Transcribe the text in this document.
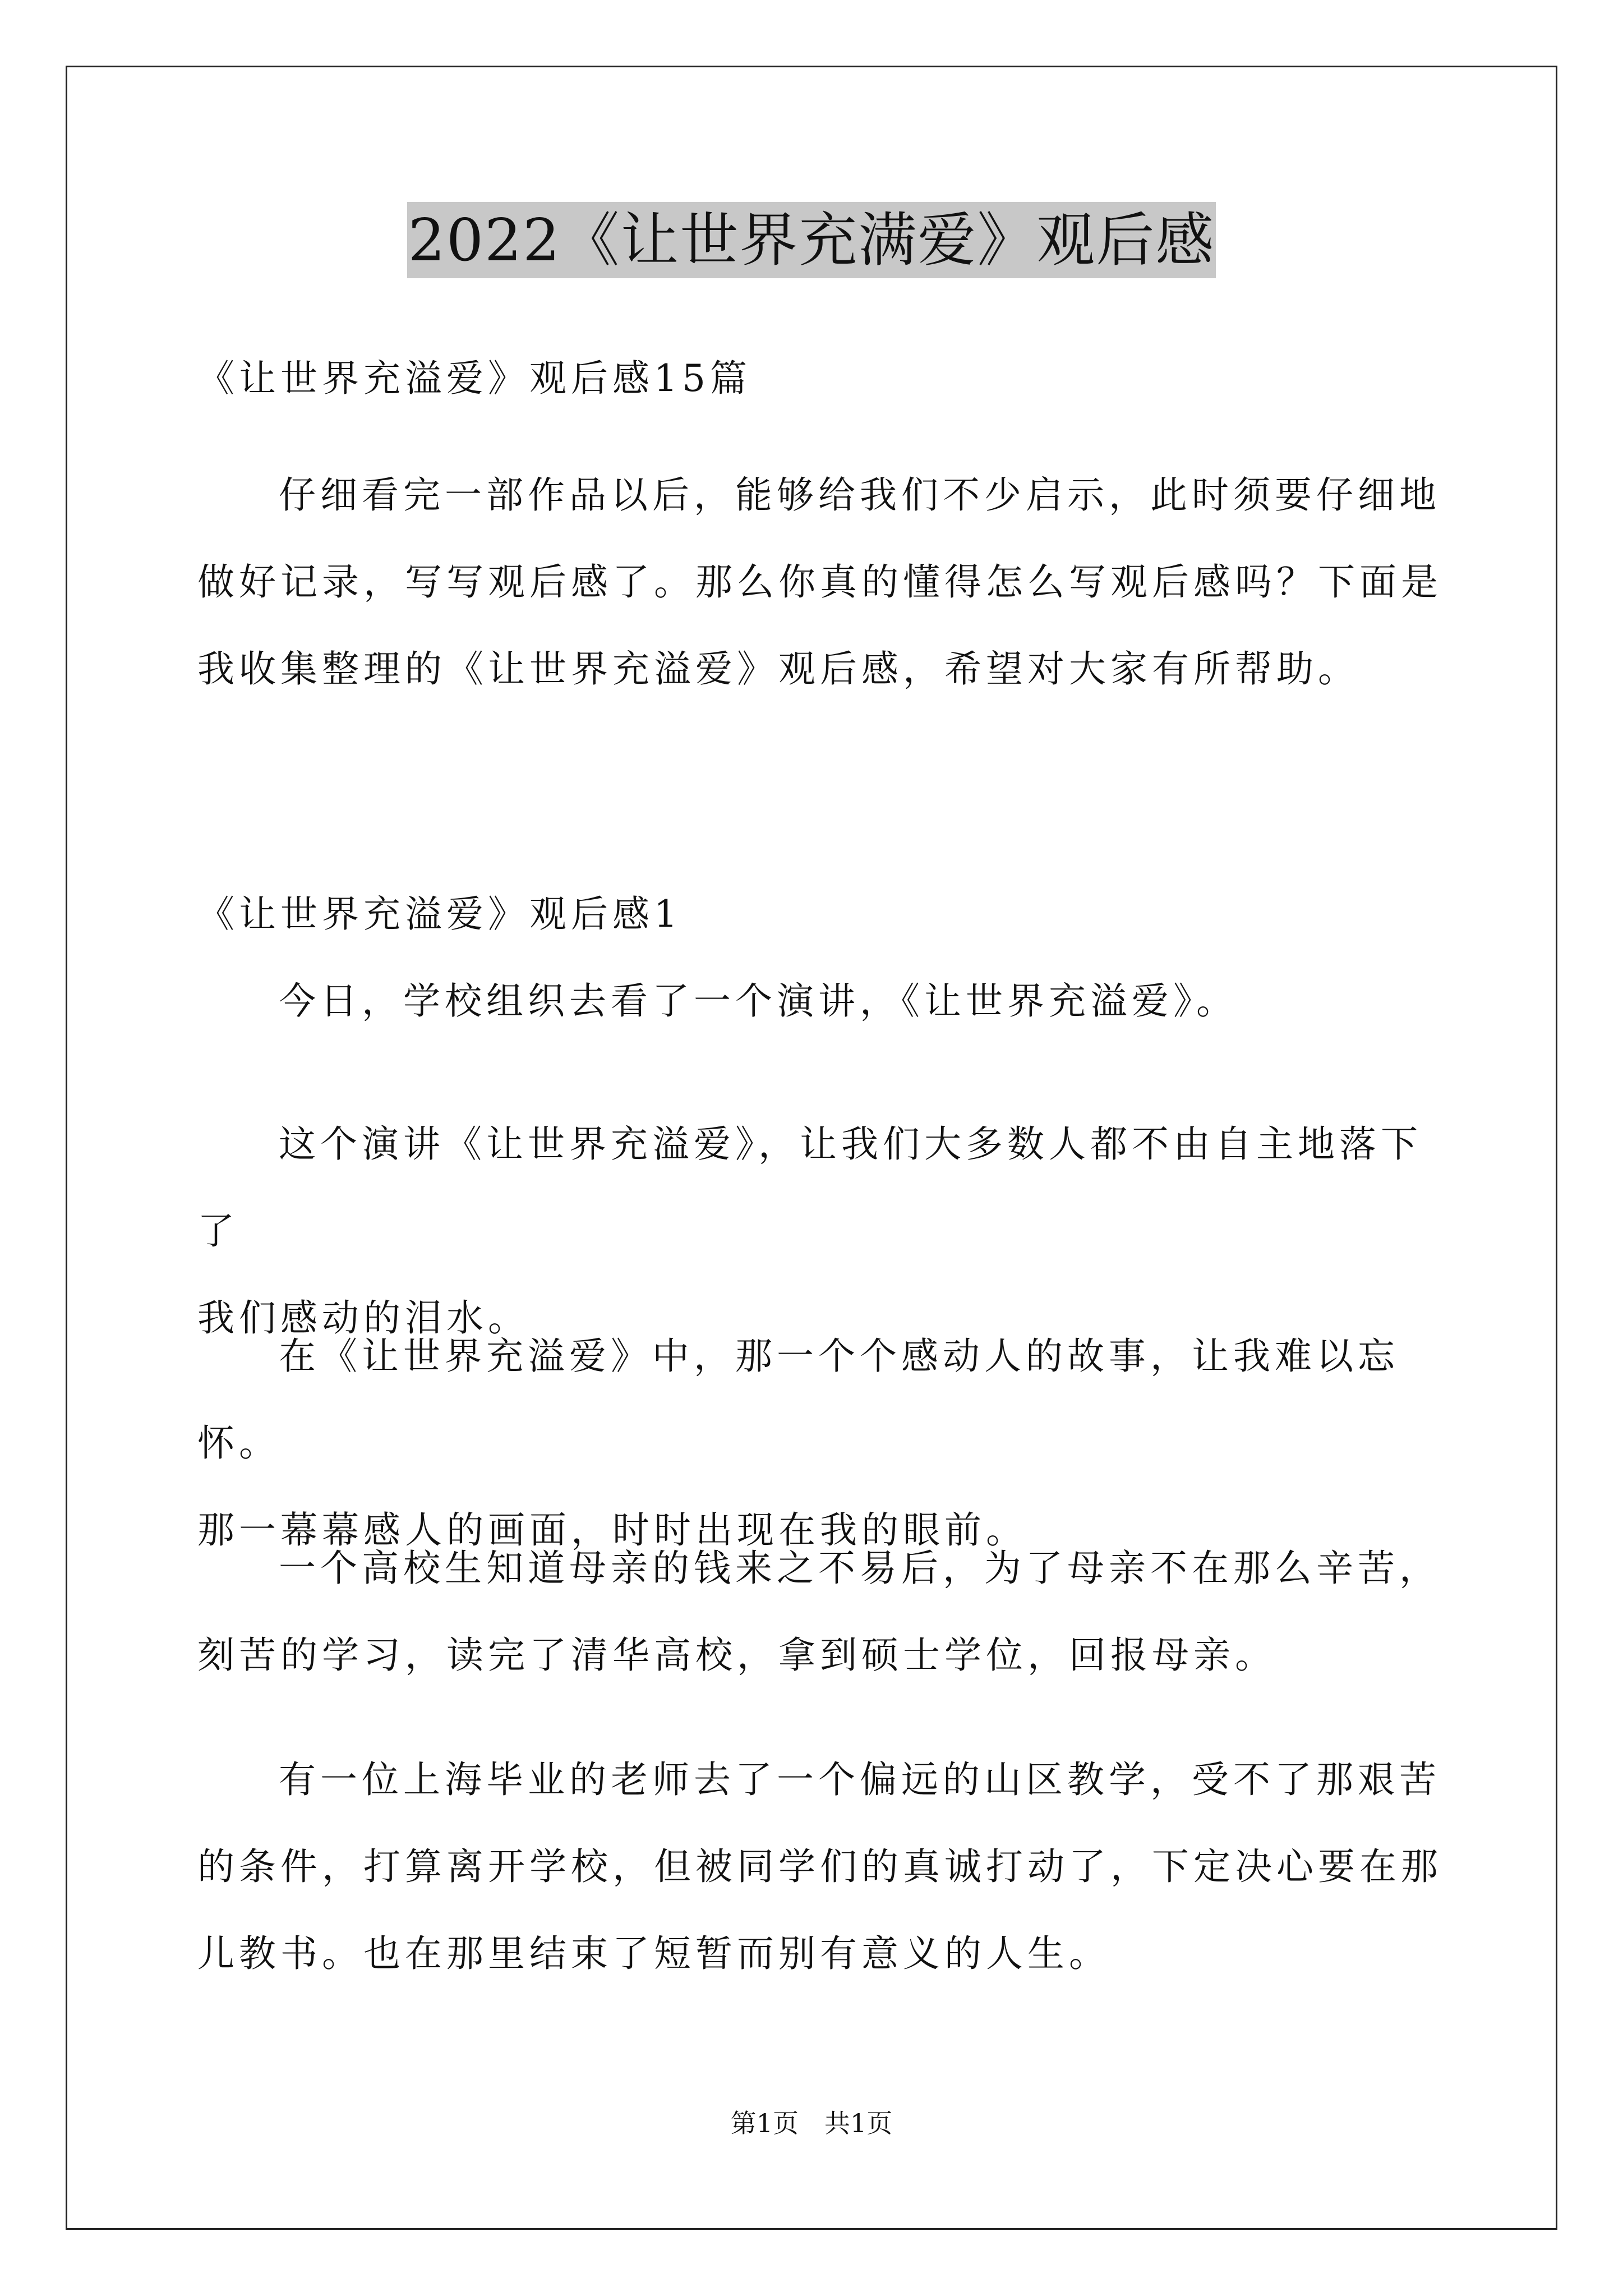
2022《让世界充满爱》观后感

《让世界充溢爱》观后感15篇

仔细看完一部作品以后，能够给我们不少启示，此时须要仔细地

做好记录，写写观后感了。那么你真的懂得怎么写观后感吗？下面是

我收集整理的《让世界充溢爱》观后感，希望对大家有所帮助。

《让世界充溢爱》观后感1

今日，学校组织去看了一个演讲，《让世界充溢爱》。

这个演讲《让世界充溢爱》，让我们大多数人都不由自主地落下了

我们感动的泪水。

在《让世界充溢爱》中，那一个个感动人的故事，让我难以忘怀。

那一幕幕感人的画面，时时出现在我的眼前。

一个高校生知道母亲的钱来之不易后，为了母亲不在那么辛苦，

刻苦的学习，读完了清华高校，拿到硕士学位，回报母亲。

有一位上海毕业的老师去了一个偏远的山区教学，受不了那艰苦

的条件，打算离开学校，但被同学们的真诚打动了，下定决心要在那

儿教书。也在那里结束了短暂而别有意义的人生。

第1页　共1页
